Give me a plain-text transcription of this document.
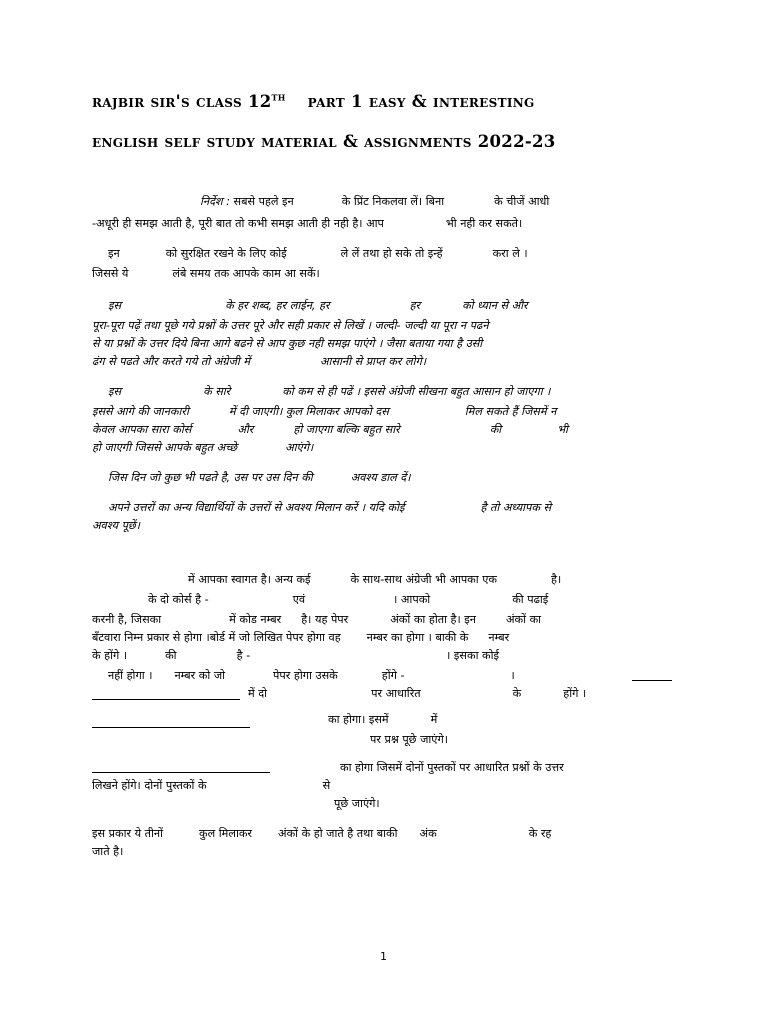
rajbir sir's class 12TH part 1 easy & interesting
english self study material & assignments 2022-23
निर्देश : सबसे पहले इन	के प्रिंट निकलवा लें। बिना	के चीजें आधी
-अधूरी ही समझ आती है, पूरी बात तो कभी समझ आती ही नही है। आप	भी नही कर सकते।
इन	को सुरक्षित रखने के लिए कोई	ले लें तथा हो सके तो इन्हें	करा ले ।
जिससे ये	लंबे समय तक आपके काम आ सकें।
इस	के हर शब्द, हर लाईन, हर	हर	को ध्यान से और
पूरा-पूरा पढ़ें तथा पूछे गये प्रश्नों के उत्तर पूरे और सही प्रकार से लिखें । जल्दी- जल्दी या पूरा न पढने
से या प्रश्नों के उत्तर दिये बिना आगे बढने से आप कुछ नही समझ पाएंगे । जैसा बताया गया है उसी
ढंग से पढते और करते गये तो अंग्रेजी में	आसानी से प्राप्त कर लोगे।
इस	के सारे	को कम से ही पढें । इससे अंग्रेजी सीखना बहुत आसान हो जाएगा ।
इससे आगे की जानकारी	में दी जाएगी। कुल मिलाकर आपको दस	मिल सकते हैं जिसमें न
केवल आपका सारा कोर्स	और	हो जाएगा बल्कि बहुत सारे	की	भी
हो जाएगी जिससे आपके बहुत अच्छे	आएंगे।
जिस दिन जो कुछ भी पढते है, उस पर उस दिन की	अवश्य डाल दें।
अपने उत्तरों का अन्य विद्यार्थियों के उत्तरों से अवश्य मिलान करें । यदि कोई	है तो अध्यापक से
अवश्य पूछें।
में आपका स्वागत है। अन्य कई	के साथ-साथ अंग्रेजी भी आपका एक	है।
के दो कोर्स है -	एवं	। आपको	की पढाई
करनी है, जिसका	में कोड नम्बर है। यह पेपर	अंकों का होता है। इन	अंकों का
बँटवारा निम्न प्रकार से होगा ।बोर्ड में जो लिखित पेपर होगा वह नम्बर का होगा । बाकी के नम्बर
के होंगे ।	की	है -	। इसका कोई
नहीं होगा । नम्बर को जो	पेपर होगा उसके	होंगे -	।
में दो	पर आधारित	के	होंगे ।
का होगा। इसमें	में
पर प्रश्न पूछे जाएंगे।
का होगा जिसमें दोनों पुस्तकों पर आधारित प्रश्नों के उत्तर
लिखने होंगे। दोनों पुस्तकों के	से
पूछे जाएंगे।
इस प्रकार ये तीनों	कुल मिलाकर अंकों के हो जाते है तथा बाकी अंक	के रह
जाते है।
1
